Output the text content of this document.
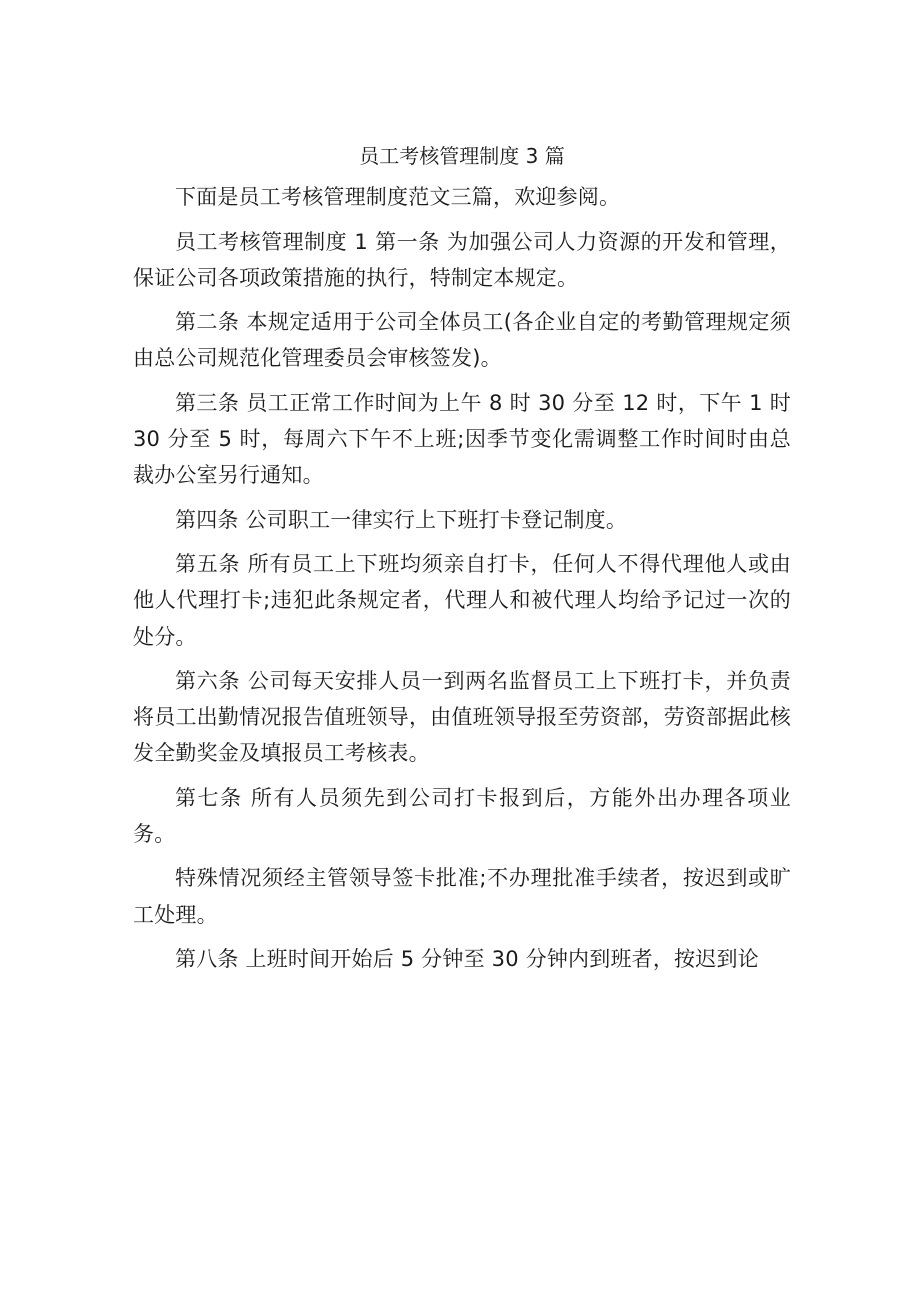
员工考核管理制度 3 篇

下面是员工考核管理制度范文三篇，欢迎参阅。

员工考核管理制度 1 第一条 为加强公司人力资源的开发和管理，保证公司各项政策措施的执行，特制定本规定。

第二条 本规定适用于公司全体员工(各企业自定的考勤管理规定须由总公司规范化管理委员会审核签发)。

第三条 员工正常工作时间为上午 8 时 30 分至 12 时，下午 1 时 30 分至 5 时，每周六下午不上班;因季节变化需调整工作时间时由总裁办公室另行通知。

第四条 公司职工一律实行上下班打卡登记制度。

第五条 所有员工上下班均须亲自打卡，任何人不得代理他人或由他人代理打卡;违犯此条规定者，代理人和被代理人均给予记过一次的处分。

第六条 公司每天安排人员一到两名监督员工上下班打卡，并负责将员工出勤情况报告值班领导，由值班领导报至劳资部，劳资部据此核发全勤奖金及填报员工考核表。

第七条 所有人员须先到公司打卡报到后，方能外出办理各项业务。

特殊情况须经主管领导签卡批准;不办理批准手续者，按迟到或旷工处理。

第八条 上班时间开始后 5 分钟至 30 分钟内到班者，按迟到论
